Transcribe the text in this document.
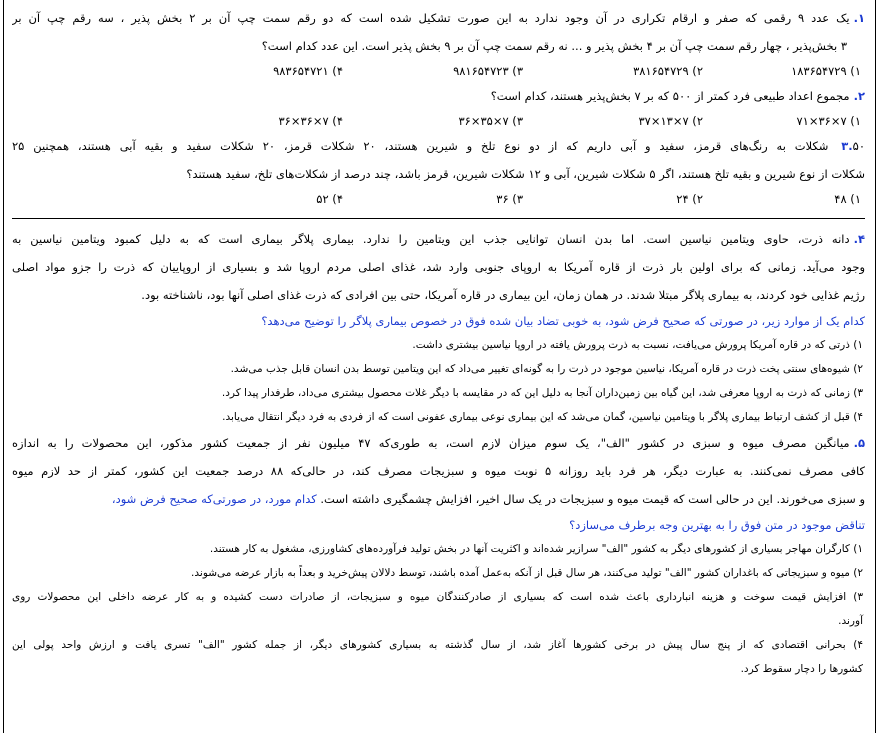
۱.یک عدد ۹ رقمی که صفر و ارقام تکراری در آن وجود ندارد به این صورت تشکیل شده است که دو رقم سمت چپ آن بر ۲ بخش پذیر ، سه رقم چپ آن بر
۳ بخش‌پذیر ، چهار رقم سمت چپ آن بر ۴ بخش پذیر و ... نه رقم سمت چپ آن بر ۹ بخش پذیر است. این عدد کدام است؟
۱) ۱۸۳۶۵۴۷۲۹
۲) ۳۸۱۶۵۴۷۲۹
۳) ۹۸۱۶۵۴۷۲۳
۴) ۹۸۳۶۵۴۷۲۱
۲.مجموع اعداد طبیعی فرد کمتر از ۵۰۰ که بر ۷ بخش‌پذیر هستند، کدام است؟
۱) ۷×۳۶×۷۱
۲) ۷×۱۳×۳۷
۳) ۷×۳۵×۳۶
۴) ۷×۳۶×۳۶
۳.۵۰ شکلات به رنگ‌های قرمز، سفید و آبی داریم که از دو نوع تلخ و شیرین هستند، ۲۰ شکلات قرمز، ۲۰ شکلات سفید و بقیه آبی هستند، همچنین ۲۵
شکلات از نوع شیرین و بقیه تلخ هستند، اگر ۵ شکلات شیرین، آبی و ۱۲ شکلات شیرین، قرمز باشد، چند درصد از شکلات‌های تلخ، سفید هستند؟
۱) ۴۸
۲) ۲۴
۳) ۳۶
۴) ۵۲
۴.دانه ذرت، حاوی ویتامین نیاسین است. اما بدن انسان توانایی جذب این ویتامین را ندارد. بیماری پلاگر بیماری است که به دلیل کمبود ویتامین نیاسین به
وجود می‌آید. زمانی که برای اولین بار ذرت از قاره آمریکا به اروپای جنوبی وارد شد، غذای اصلی مردم اروپا شد و بسیاری از اروپاییان که ذرت را جزو مواد اصلی
رژیم غذایی خود کردند، به بیماری پلاگر مبتلا شدند. در همان زمان، این بیماری در قاره آمریکا، حتی بین افرادی که ذرت غذای اصلی آنها بود، ناشناخته بود.
کدام یک از موارد زیر، در صورتی که صحیح فرض شود، به خوبی تضاد بیان شده فوق در خصوص بیماری پلاگر را توضیح می‌دهد؟
۱) ذرتی که در قاره آمریکا پرورش می‌یافت، نسبت به ذرت پرورش یافته در اروپا نیاسین بیشتری داشت.
۲) شیوه‌های سنتی پخت ذرت در قاره آمریکا، نیاسین موجود در ذرت را به گونه‌ای تغییر می‌داد که این ویتامین توسط بدن انسان قابل جذب می‌شد.
۳) زمانی که ذرت به اروپا معرفی شد، این گیاه بین زمین‌داران آنجا به دلیل این که در مقایسه با دیگر غلات محصول بیشتری می‌داد، طرفدار پیدا کرد.
۴) قبل از کشف ارتباط بیماری پلاگر با ویتامین نیاسین، گمان می‌شد که این بیماری نوعی بیماری عفونی است که از فردی به فرد دیگر انتقال می‌یابد.
۵.میانگین مصرف میوه و سبزی در کشور "الف"، یک سوم میزان لازم است، به طوری‌که ۴۷ میلیون نفر از جمعیت کشور مذکور، این محصولات را به اندازه
کافی مصرف نمی‌کنند. به عبارت دیگر، هر فرد باید روزانه ۵ نوبت میوه و سبزیجات مصرف کند، در حالی‌که ۸۸ درصد جمعیت این کشور، کمتر از حد لازم میوه
و سبزی می‌خورند. این در حالی است که قیمت میوه و سبزیجات در یک سال اخیر، افزایش چشمگیری داشته است. کدام مورد، در صورتی‌که صحیح فرض شود،
تناقض موجود در متن فوق را به بهترین وجه برطرف می‌سازد؟
۱) کارگران مهاجر بسیاری از کشورهای دیگر به کشور "الف" سرازیر شده‌اند و اکثریت آنها در بخش تولید فرآورده‌های کشاورزی، مشغول به کار هستند.
۲) میوه و سبزیجاتی که باغداران کشور "الف" تولید می‌کنند، هر سال قبل از آنکه به‌عمل آمده باشند، توسط دلالان پیش‌خرید و بعداً به بازار عرضه می‌شوند.
۳) افزایش قیمت سوخت و هزینه انبارداری باعث شده است که بسیاری از صادرکنندگان میوه و سبزیجات، از صادرات دست کشیده و به کار عرضه داخلی این محصولات روی
آورند.
۴) بحرانی اقتصادی که از پنج سال پیش در برخی کشورها آغاز شد، از سال گذشته به بسیاری کشورهای دیگر، از جمله کشور "الف" تسری یافت و ارزش واحد پولی این
کشورها را دچار سقوط کرد.
